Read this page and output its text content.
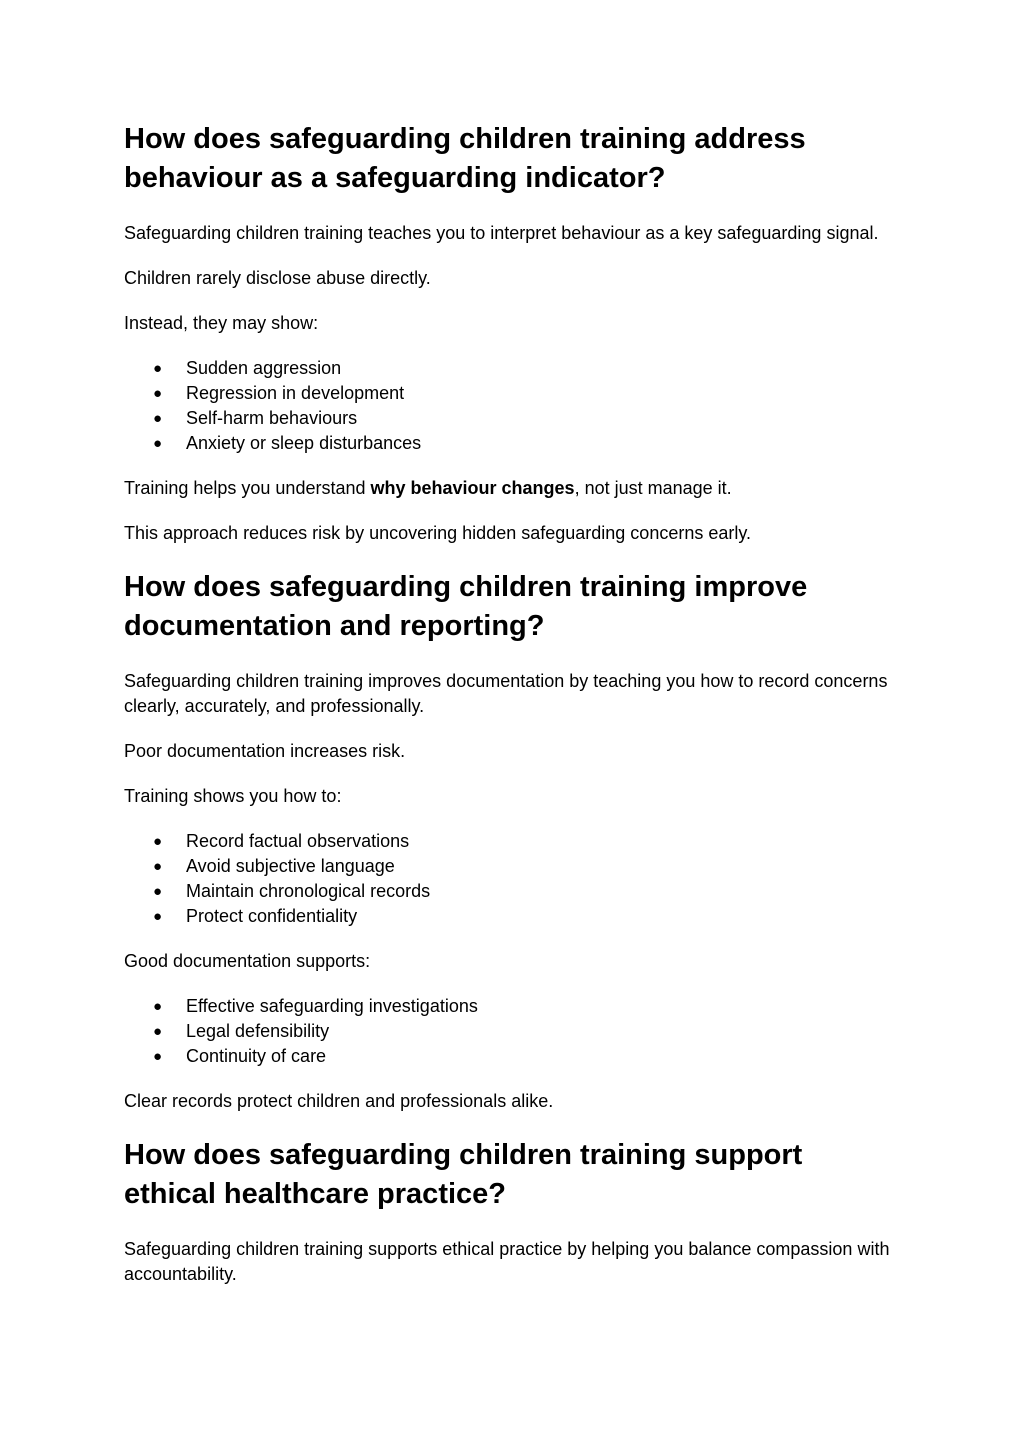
How does safeguarding children training address behaviour as a safeguarding indicator?

Safeguarding children training teaches you to interpret behaviour as a key safeguarding signal.

Children rarely disclose abuse directly.

Instead, they may show:

● Sudden aggression
● Regression in development
● Self-harm behaviours
● Anxiety or sleep disturbances

Training helps you understand why behaviour changes, not just manage it.

This approach reduces risk by uncovering hidden safeguarding concerns early.

How does safeguarding children training improve documentation and reporting?

Safeguarding children training improves documentation by teaching you how to record concerns clearly, accurately, and professionally.

Poor documentation increases risk.

Training shows you how to:

● Record factual observations
● Avoid subjective language
● Maintain chronological records
● Protect confidentiality

Good documentation supports:

● Effective safeguarding investigations
● Legal defensibility
● Continuity of care

Clear records protect children and professionals alike.

How does safeguarding children training support ethical healthcare practice?

Safeguarding children training supports ethical practice by helping you balance compassion with accountability.
